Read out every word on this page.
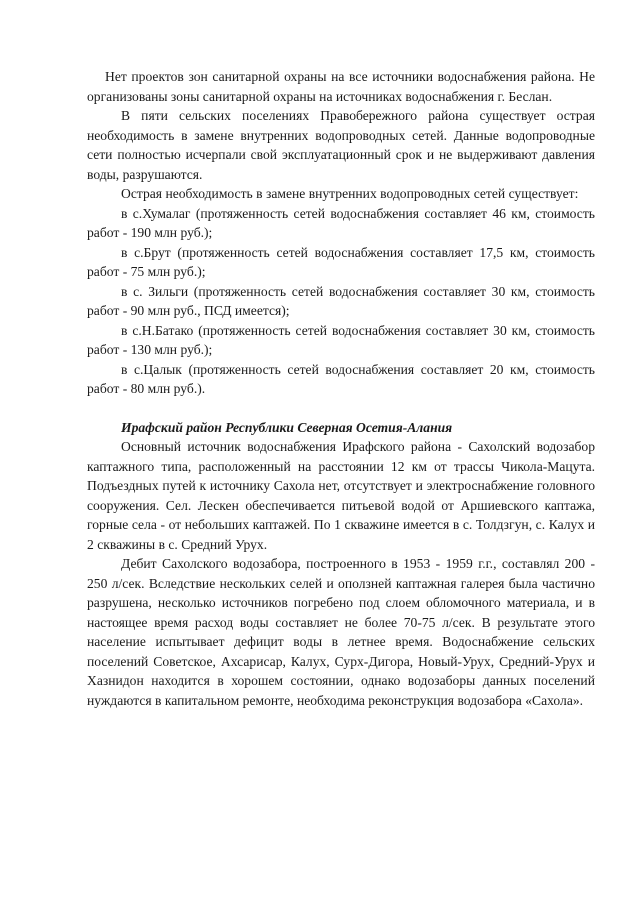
Нет проектов зон санитарной охраны на все источники водоснабжения района. Не организованы зоны санитарной охраны на источниках водоснабжения г. Беслан.

В пяти сельских поселениях Правобережного района существует острая необходимость в замене внутренних водопроводных сетей. Данные водопроводные сети полностью исчерпали свой эксплуатационный срок и не выдерживают давления воды, разрушаются.

Острая необходимость в замене внутренних водопроводных сетей существует:

в с.Хумалаг (протяженность сетей водоснабжения составляет 46 км, стоимость работ - 190 млн руб.);

в с.Брут (протяженность сетей водоснабжения составляет 17,5 км, стоимость работ - 75 млн руб.);

в с. Зильги (протяженность сетей водоснабжения составляет 30 км, стоимость работ - 90 млн руб., ПСД имеется);

в с.Н.Батако (протяженность сетей водоснабжения составляет 30 км, стоимость работ - 130 млн руб.);

в с.Цалык (протяженность сетей водоснабжения составляет 20 км, стоимость работ - 80 млн руб.).

Ирафский район Республики Северная Осетия-Алания

Основный источник водоснабжения Ирафского района - Сахолский водозабор каптажного типа, расположенный на расстоянии 12 км от трассы Чикола-Мацута. Подъездных путей к источнику Сахола нет, отсутствует и электроснабжение головного сооружения. Сел. Лескен обеспечивается питьевой водой от Аршиевского каптажа, горные села - от небольших каптажей. По 1 скважине имеется в с. Толдзгун, с. Калух и 2 скважины в с. Средний Урух.

Дебит Сахолского водозабора, построенного в 1953 - 1959 г.г., составлял 200 - 250 л/сек. Вследствие нескольких селей и оползней каптажная галерея была частично разрушена, несколько источников погребено под слоем обломочного материала, и в настоящее время расход воды составляет не более 70-75 л/сек. В результате этого население испытывает дефицит воды в летнее время. Водоснабжение сельских поселений Советское, Ахсарисар, Калух, Сурх-Дигора, Новый-Урух, Средний-Урух и Хазнидон находится в хорошем состоянии, однако водозаборы данных поселений нуждаются в капитальном ремонте, необходима реконструкция водозабора «Сахола».
